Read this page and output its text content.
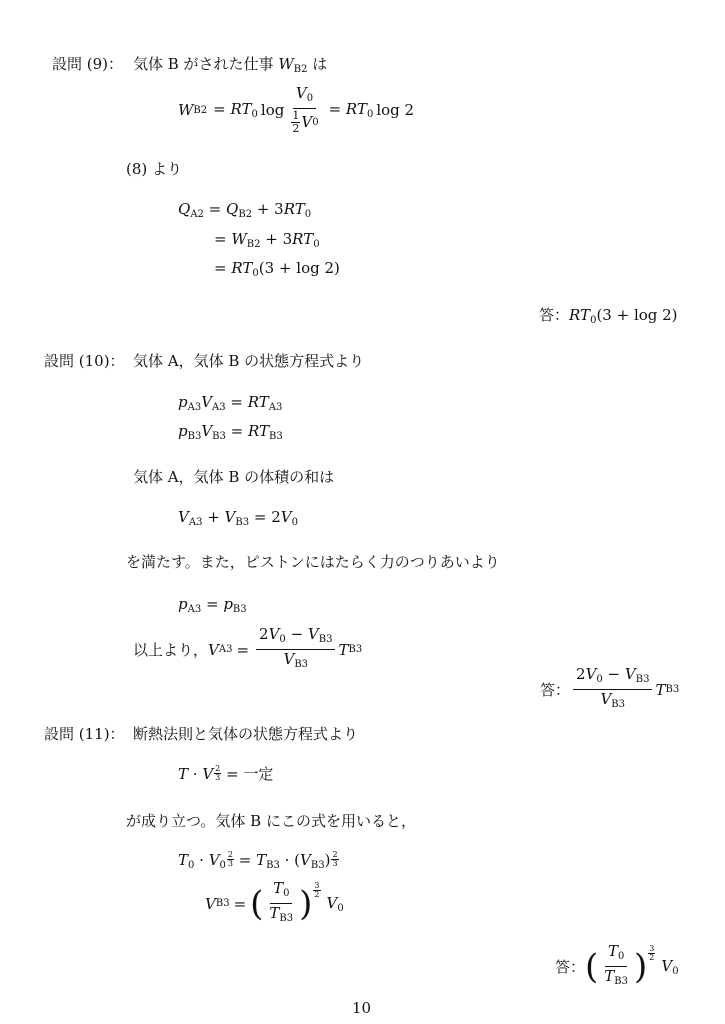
設問 (9)： 気体 B がされた仕事 $W_{B2}$ は
W $B2 = RT_0$ $\log \frac{V_0}{\frac{1}{2} V 0} = RT_0$ log 2
(8) より
$Q_{A2} = Q_{B2} + 3RT_0$
= $W_{B2} + 3RT_0$
= $RT_0(3 + \log 2)$
答：$RT_0(3 + \log 2)$
設問 (10)： 気体 A，気体 B の状態方程式より
$p_{A3}V_{A3} = RT_{A3}$
$p_{B3}V_{B3} = RT_{B3}$
気体 A，気体 B の体積の和は
$V_{A3} + V_{B3} = 2V_0$
を満たす。また，ピストンにはたらく力のつりあいより
$p_{A3} = p_{B3}$
以上より， V $A3 = \frac{2V_0 - V_{B3}}{V_{B3}}$ T B3
答： $\frac{2V_0 - V_{B3}}{V_{B3}}$ T B3
設問 (11)： 断熱法則と気体の状態方程式より
T · V $\frac{2}{3}$ = 一定
が成り立つ。気体 B にこの式を用いると，
$T_0 \cdot V_0 \frac{2}{3} = T_{B3} \cdot (V_{B3}) \frac{2}{3}$
V B3 = ( $\frac{T_0}{T_{B3}}$ ) $\frac{3}{2}$
$V_0$
答： ( $\frac{T_0}{T_{B3}}$ ) $\frac{3}{2}$
$V_0$
10
